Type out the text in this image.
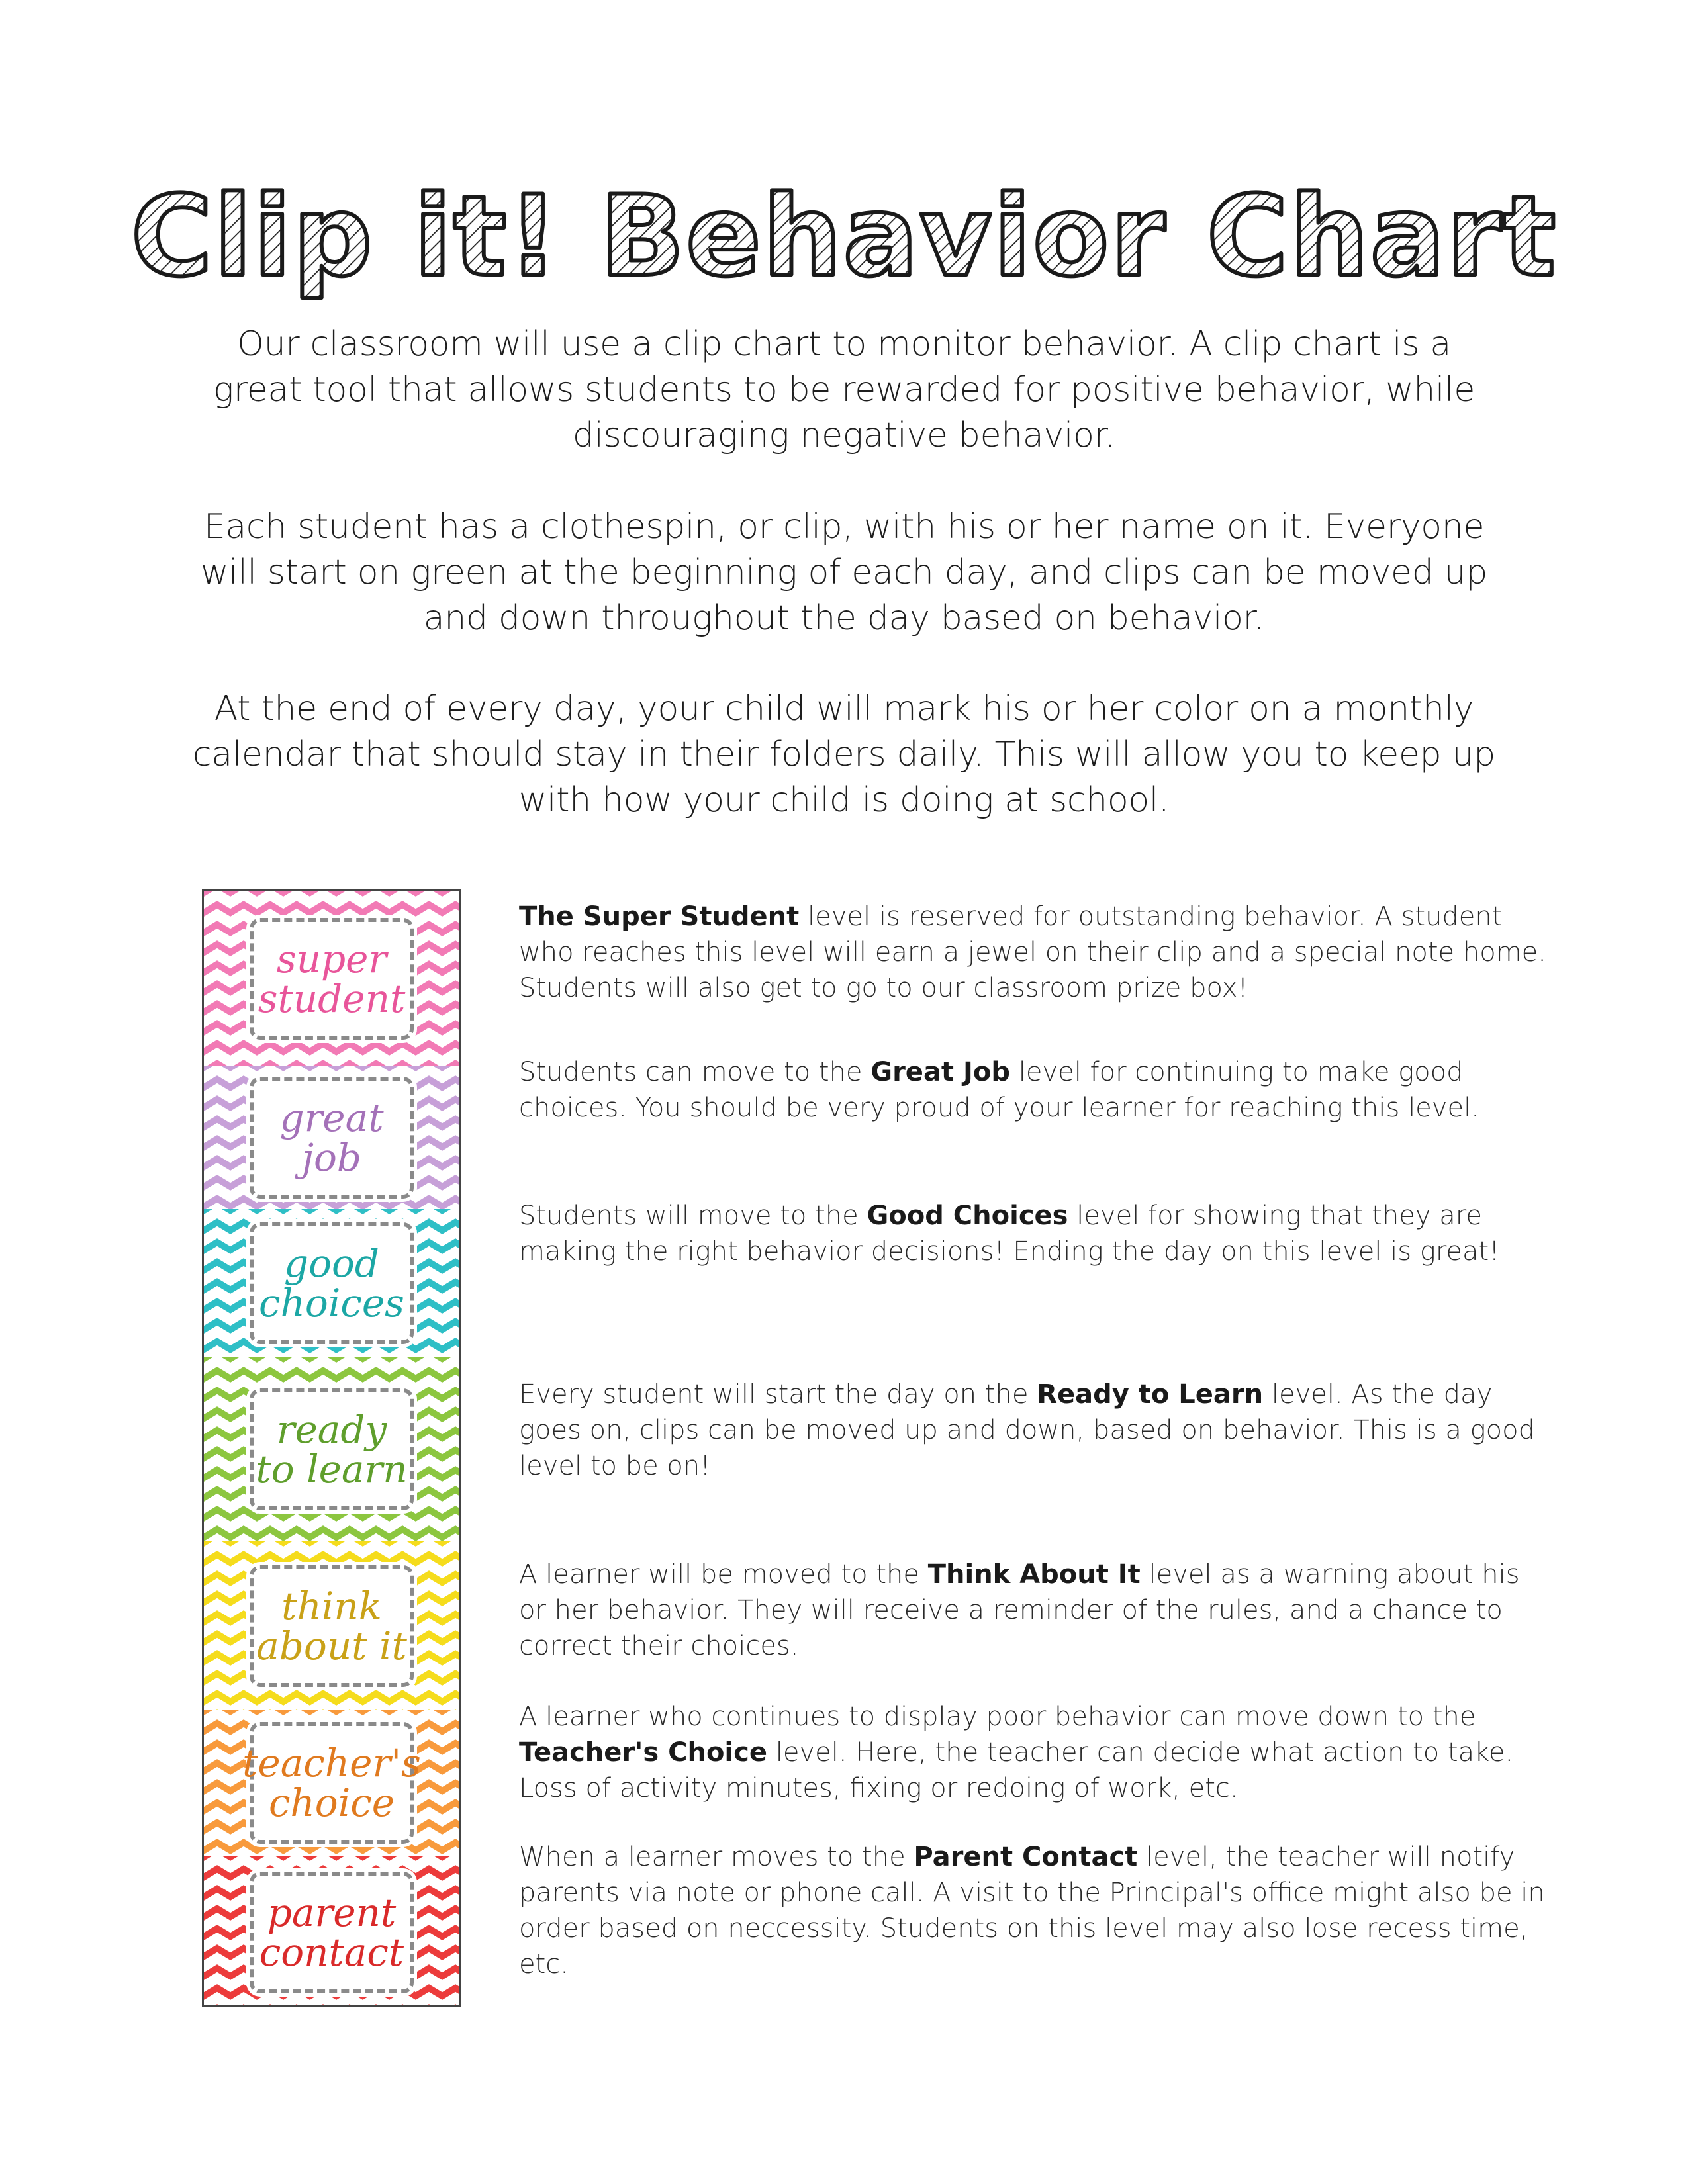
Clip it! Behavior Chart

Our classroom will use a clip chart to monitor behavior. A clip chart is a great tool that allows students to be rewarded for positive behavior, while discouraging negative behavior.

Each student has a clothespin, or clip, with his or her name on it. Everyone will start on green at the beginning of each day, and clips can be moved up and down throughout the day based on behavior.

At the end of every day, your child will mark his or her color on a monthly calendar that should stay in their folders daily. This will allow you to keep up with how your child is doing at school.

super
student
great
job
good
choices
ready
to learn
think
about it
teacher's
choice
parent
contact

The Super Student level is reserved for outstanding behavior. A student who reaches this level will earn a jewel on their clip and a special note home. Students will also get to go to our classroom prize box!

Students can move to the Great Job level for continuing to make good choices. You should be very proud of your learner for reaching this level.

Students will move to the Good Choices level for showing that they are making the right behavior decisions! Ending the day on this level is great!

Every student will start the day on the Ready to Learn level. As the day goes on, clips can be moved up and down, based on behavior. This is a good level to be on!

A learner will be moved to the Think About It level as a warning about his or her behavior. They will receive a reminder of the rules, and a chance to correct their choices.

A learner who continues to display poor behavior can move down to the Teacher's Choice level. Here, the teacher can decide what action to take. Loss of activity minutes, fixing or redoing of work, etc.

When a learner moves to the Parent Contact level, the teacher will notify parents via note or phone call. A visit to the Principal's office might also be in order based on neccessity. Students on this level may also lose recess time, etc.
